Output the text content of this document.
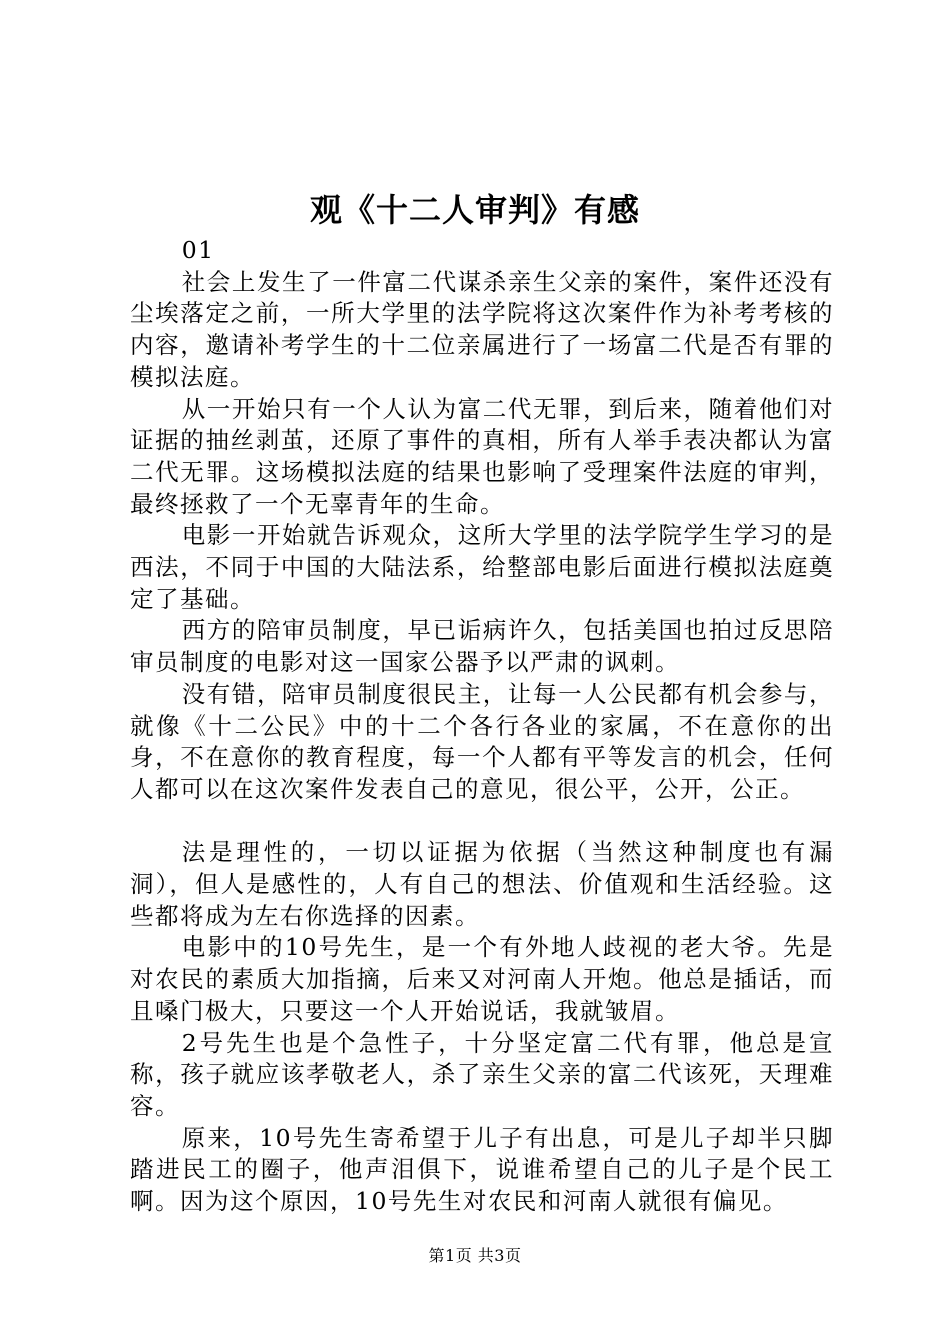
观《十二人审判》有感

01

社会上发生了一件富二代谋杀亲生父亲的案件，案件还没有尘埃落定之前，一所大学里的法学院将这次案件作为补考考核的内容，邀请补考学生的十二位亲属进行了一场富二代是否有罪的模拟法庭。

从一开始只有一个人认为富二代无罪，到后来，随着他们对证据的抽丝剥茧，还原了事件的真相，所有人举手表决都认为富二代无罪。这场模拟法庭的结果也影响了受理案件法庭的审判，最终拯救了一个无辜青年的生命。

电影一开始就告诉观众，这所大学里的法学院学生学习的是西法，不同于中国的大陆法系，给整部电影后面进行模拟法庭奠定了基础。

西方的陪审员制度，早已诟病许久，包括美国也拍过反思陪审员制度的电影对这一国家公器予以严肃的讽刺。

没有错，陪审员制度很民主，让每一人公民都有机会参与，就像《十二公民》中的十二个各行各业的家属，不在意你的出身，不在意你的教育程度，每一个人都有平等发言的机会，任何人都可以在这次案件发表自己的意见，很公平，公开，公正。

法是理性的，一切以证据为依据（当然这种制度也有漏洞），但人是感性的，人有自己的想法、价值观和生活经验。这些都将成为左右你选择的因素。

电影中的10号先生，是一个有外地人歧视的老大爷。先是对农民的素质大加指摘，后来又对河南人开炮。他总是插话，而且嗓门极大，只要这一个人开始说话，我就皱眉。

2号先生也是个急性子，十分坚定富二代有罪，他总是宣称，孩子就应该孝敬老人，杀了亲生父亲的富二代该死，天理难容。

原来，10号先生寄希望于儿子有出息，可是儿子却半只脚踏进民工的圈子，他声泪俱下，说谁希望自己的儿子是个民工啊。因为这个原因，10号先生对农民和河南人就很有偏见。

第1页 共3页
